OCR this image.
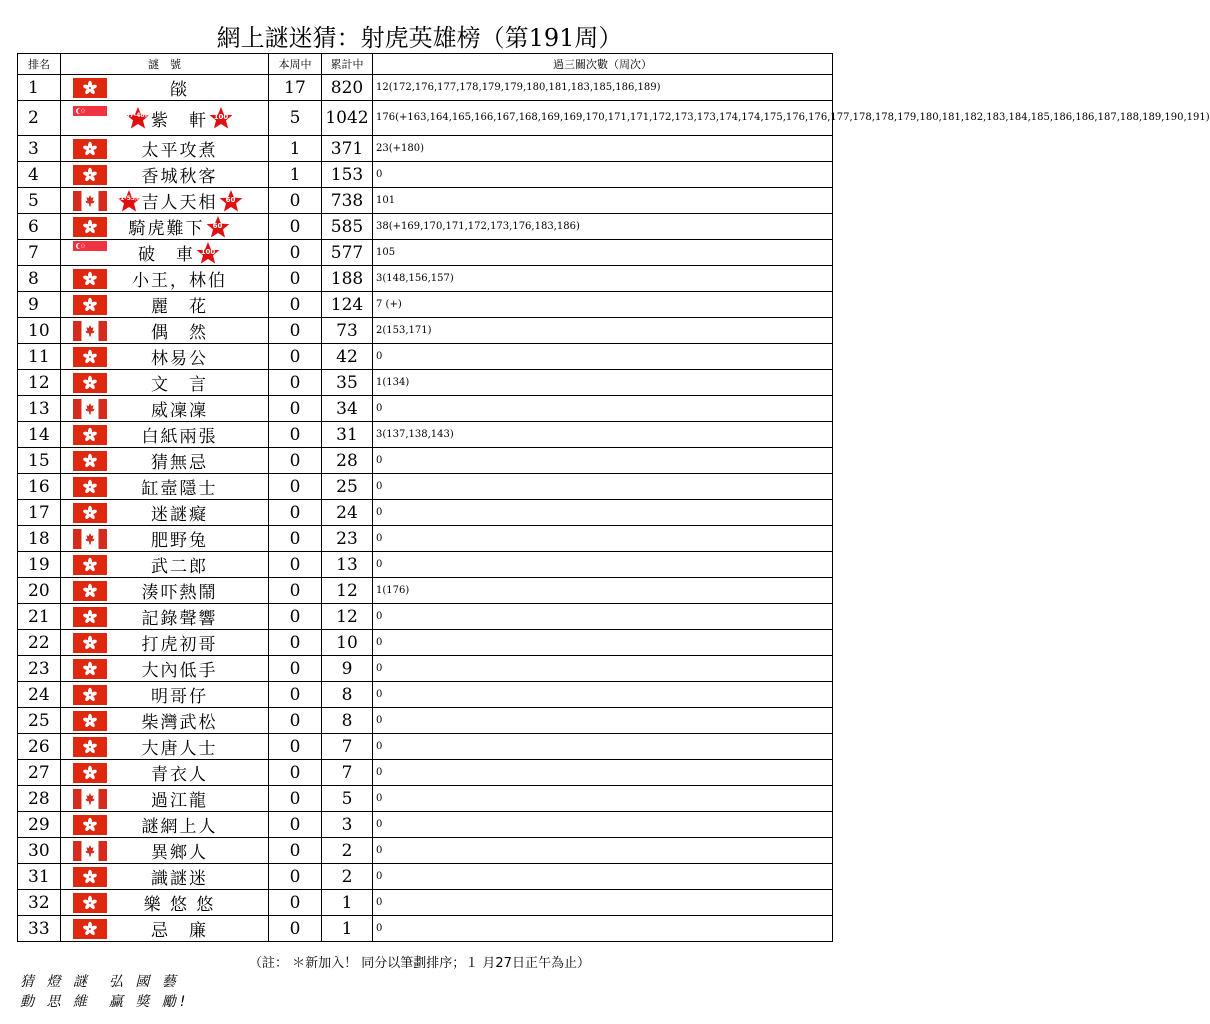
網上謎迷猜：射虎英雄榜（第191周）
排名	謎　號	本周中	累計中	過三關次數（周次）
1	燄	17	820	12(172,176,177,178,179,179,180,181,183,185,186,189)
2	37-40周 紫　軒 100	5	1042	176(+163,164,165,166,167,168,169,169,170,171,171,172,173,173,174,174,175,176,176,177,178,178,179,180,181,182,183,184,185,186,186,187,188,189,190,191)
3	太平攻煮	1	371	23(+180)
4	香城秋客	1	153	0
5	51-55周 吉人天相 60	0	738	101
6	騎虎難下 60	0	585	38(+169,170,171,172,173,176,183,186)
7	破　車 100	0	577	105
8	小王，林伯	0	188	3(148,156,157)
9	麗　花	0	124	7 (+)
10	偶　然	0	73	2(153,171)
11	林易公	0	42	0
12	文　言	0	35	1(134)
13	威凜凜	0	34	0
14	白紙兩張	0	31	3(137,138,143)
15	猜無忌	0	28	0
16	缸壼隱士	0	25	0
17	迷謎癡	0	24	0
18	肥野兔	0	23	0
19	武二郎	0	13	0
20	湊吓熱鬧	0	12	1(176)
21	記錄聲響	0	12	0
22	打虎初哥	0	10	0
23	大內低手	0	9	0
24	明哥仔	0	8	0
25	柴灣武松	0	8	0
26	大唐人士	0	7	0
27	青衣人	0	7	0
28	過江龍	0	5	0
29	謎網上人	0	3	0
30	異鄉人	0	2	0
31	識謎迷	0	2	0
32	樂 悠 悠	0	1	0
33	忌　廉	0	1	0
（註： ＊新加入！ 同分以筆劃排序；１ 月27日正午為止）
猜 燈 謎　弘 國 藝
動 思 維　贏 獎 勵!
